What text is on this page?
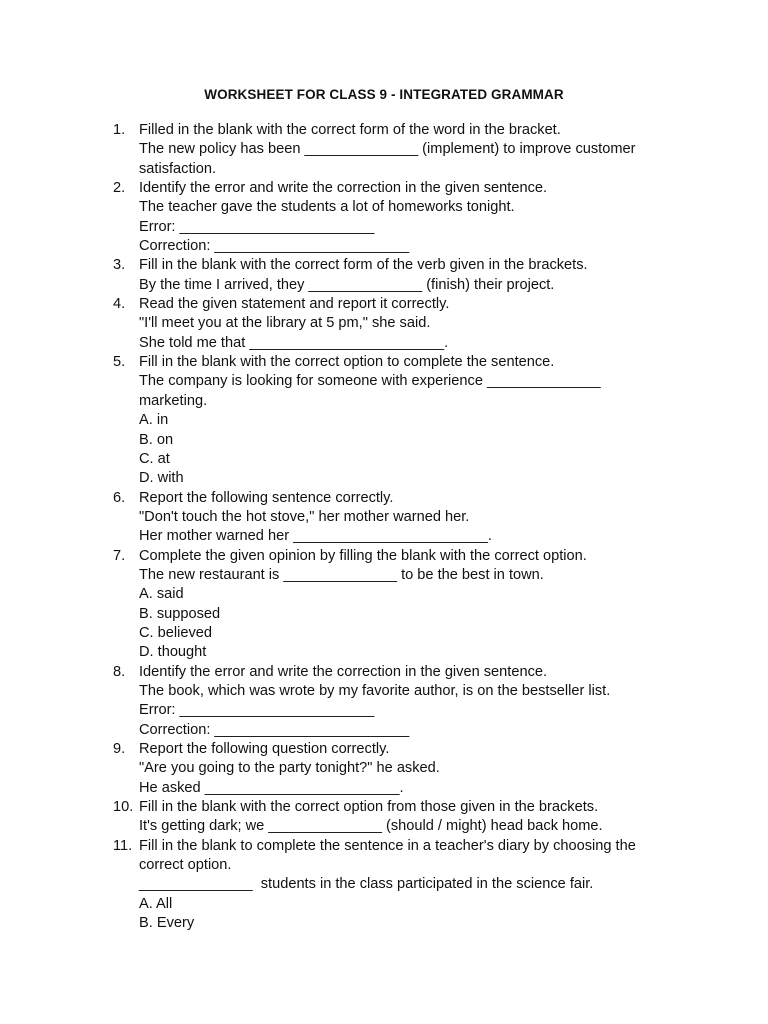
WORKSHEET FOR CLASS 9 - INTEGRATED GRAMMAR
1. Filled in the blank with the correct form of the word in the bracket.
The new policy has been ______________ (implement) to improve customer
satisfaction.
2. Identify the error and write the correction in the given sentence.
The teacher gave the students a lot of homeworks tonight.
Error: ________________________
Correction: ________________________
3. Fill in the blank with the correct form of the verb given in the brackets.
By the time I arrived, they ______________ (finish) their project.
4. Read the given statement and report it correctly.
"I'll meet you at the library at 5 pm," she said.
She told me that ________________________.
5. Fill in the blank with the correct option to complete the sentence.
The company is looking for someone with experience ______________
marketing.
A. in
B. on
C. at
D. with
6. Report the following sentence correctly.
"Don't touch the hot stove," her mother warned her.
Her mother warned her ________________________.
7. Complete the given opinion by filling the blank with the correct option.
The new restaurant is ______________ to be the best in town.
A. said
B. supposed
C. believed
D. thought
8. Identify the error and write the correction in the given sentence.
The book, which was wrote by my favorite author, is on the bestseller list.
Error: ________________________
Correction: ________________________
9. Report the following question correctly.
"Are you going to the party tonight?" he asked.
He asked ________________________.
10. Fill in the blank with the correct option from those given in the brackets.
It's getting dark; we ______________ (should / might) head back home.
11. Fill in the blank to complete the sentence in a teacher's diary by choosing the
correct option.
______________  students in the class participated in the science fair.
A. All
B. Every
